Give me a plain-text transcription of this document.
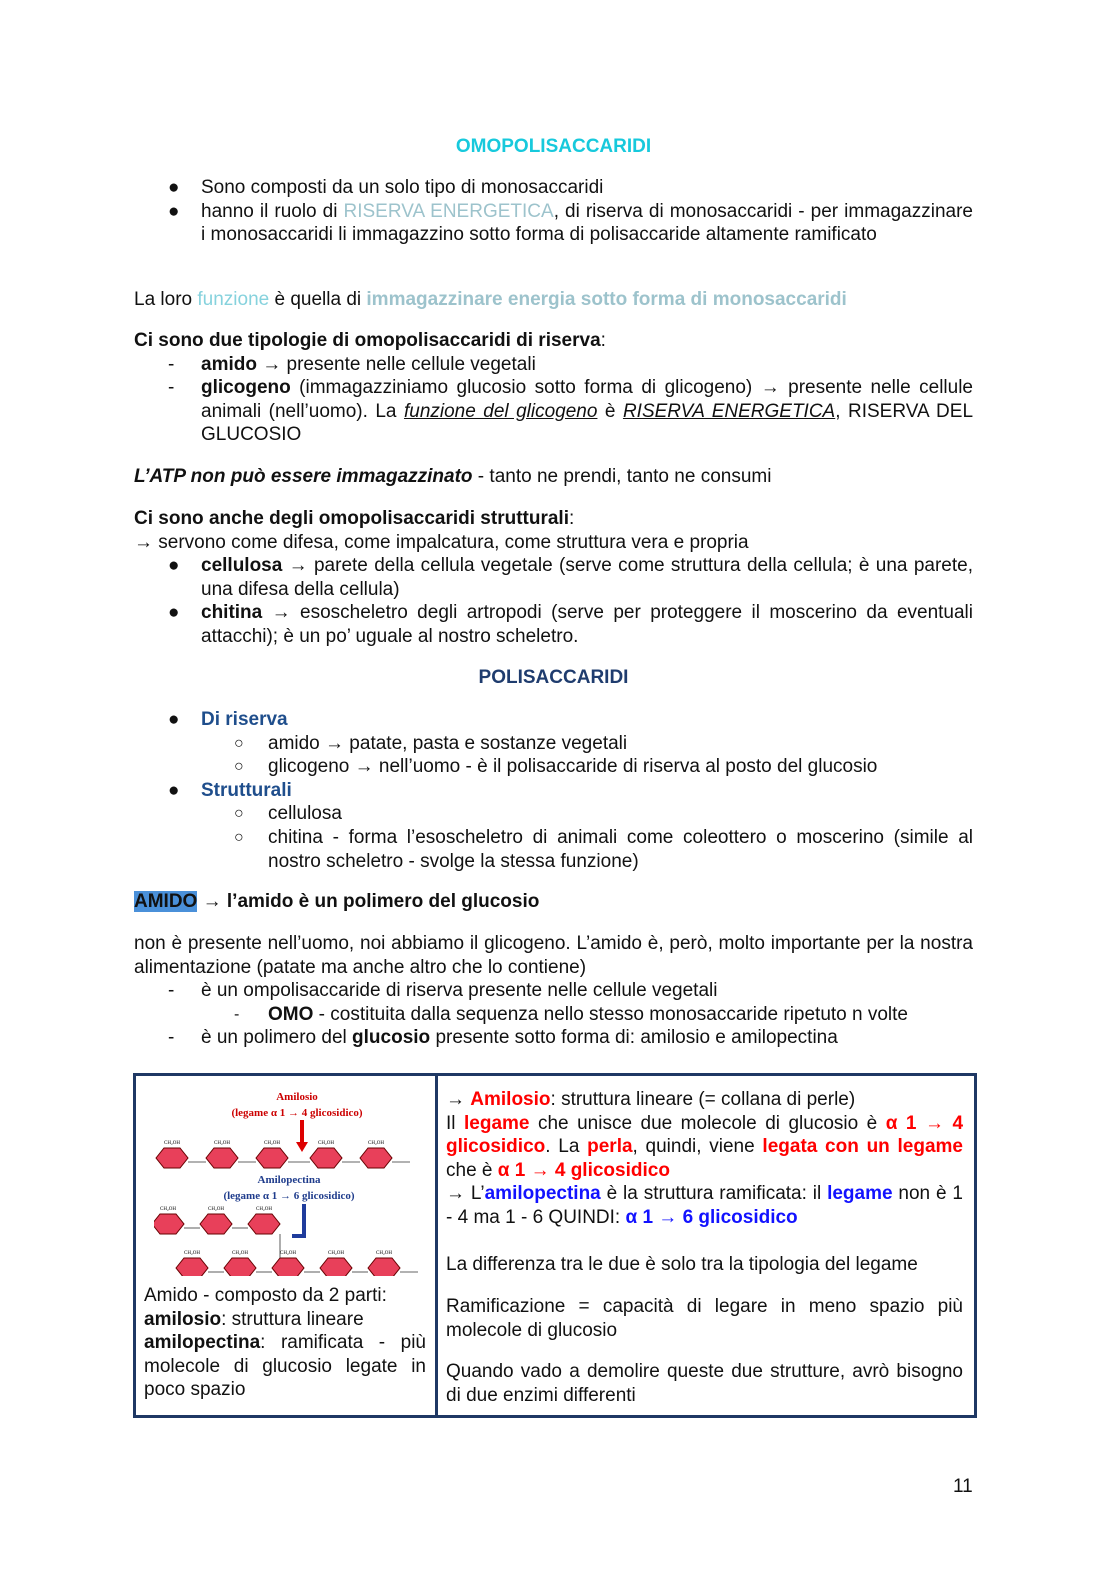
OMOPOLISACCARIDI
● Sono composti da un solo tipo di monosaccaridi
● hanno il ruolo di RISERVA ENERGETICA, di riserva di monosaccaridi - per immagazzinare i monosaccaridi li immagazzino sotto forma di polisaccaride altamente ramificato
La loro funzione è quella di immagazzinare energia sotto forma di monosaccaridi
Ci sono due tipologie di omopolisaccaridi di riserva:
- amido → presente nelle cellule vegetali
- glicogeno (immagazziniamo glucosio sotto forma di glicogeno) → presente nelle cellule animali (nell’uomo). La funzione del glicogeno è RISERVA ENERGETICA, RISERVA DEL GLUCOSIO
L’ATP non può essere immagazzinato - tanto ne prendi, tanto ne consumi
Ci sono anche degli omopolisaccaridi strutturali:
→ servono come difesa, come impalcatura, come struttura vera e propria
● cellulosa → parete della cellula vegetale (serve come struttura della cellula; è una parete, una difesa della cellula)
● chitina → esoscheletro degli artropodi (serve per proteggere il moscerino da eventuali attacchi); è un po’ uguale al nostro scheletro.
POLISACCARIDI
● Di riserva
○ amido → patate, pasta e sostanze vegetali
○ glicogeno → nell’uomo - è il polisaccaride di riserva al posto del glucosio
● Strutturali
○ cellulosa
○ chitina - forma l’esoscheletro di animali come coleottero o moscerino (simile al nostro scheletro - svolge la stessa funzione)
AMIDO → l’amido è un polimero del glucosio
non è presente nell’uomo, noi abbiamo il glicogeno. L’amido è, però, molto importante per la nostra alimentazione (patate ma anche altro che lo contiene)
- è un ompolisaccaride di riserva presente nelle cellule vegetali
- OMO - costituita dalla sequenza nello stesso monosaccaride ripetuto n volte
- è un polimero del glucosio presente sotto forma di: amilosio e amilopectina
Amilosio
(legame α 1 → 4 glicosidico)
Amilopectina
(legame α 1 → 6 glicosidico)
CH₂OH	CH₂OH	CH₂OH	CH₂OH	CH₂OH
CH₂OH	CH₂OH	CH₂OH
CH₂OH	CH₂OH	CH₂OH	CH₂OH	CH₂OH
Amido - composto da 2 parti:
amilosio: struttura lineare
amilopectina: ramificata - più molecole di glucosio legate in poco spazio

→ Amilosio: struttura lineare (= collana di perle)
Il legame che unisce due molecole di glucosio è α 1 → 4 glicosidico. La perla, quindi, viene legata con un legame che è α 1 → 4 glicosidico
→ L’amilopectina è la struttura ramificata: il legame non è 1 - 4 ma 1 - 6 QUINDI: α 1 → 6 glicosidico

La differenza tra le due è solo tra la tipologia del legame

Ramificazione = capacità di legare in meno spazio più molecole di glucosio

Quando vado a demolire queste due strutture, avrò bisogno di due enzimi differenti

11
